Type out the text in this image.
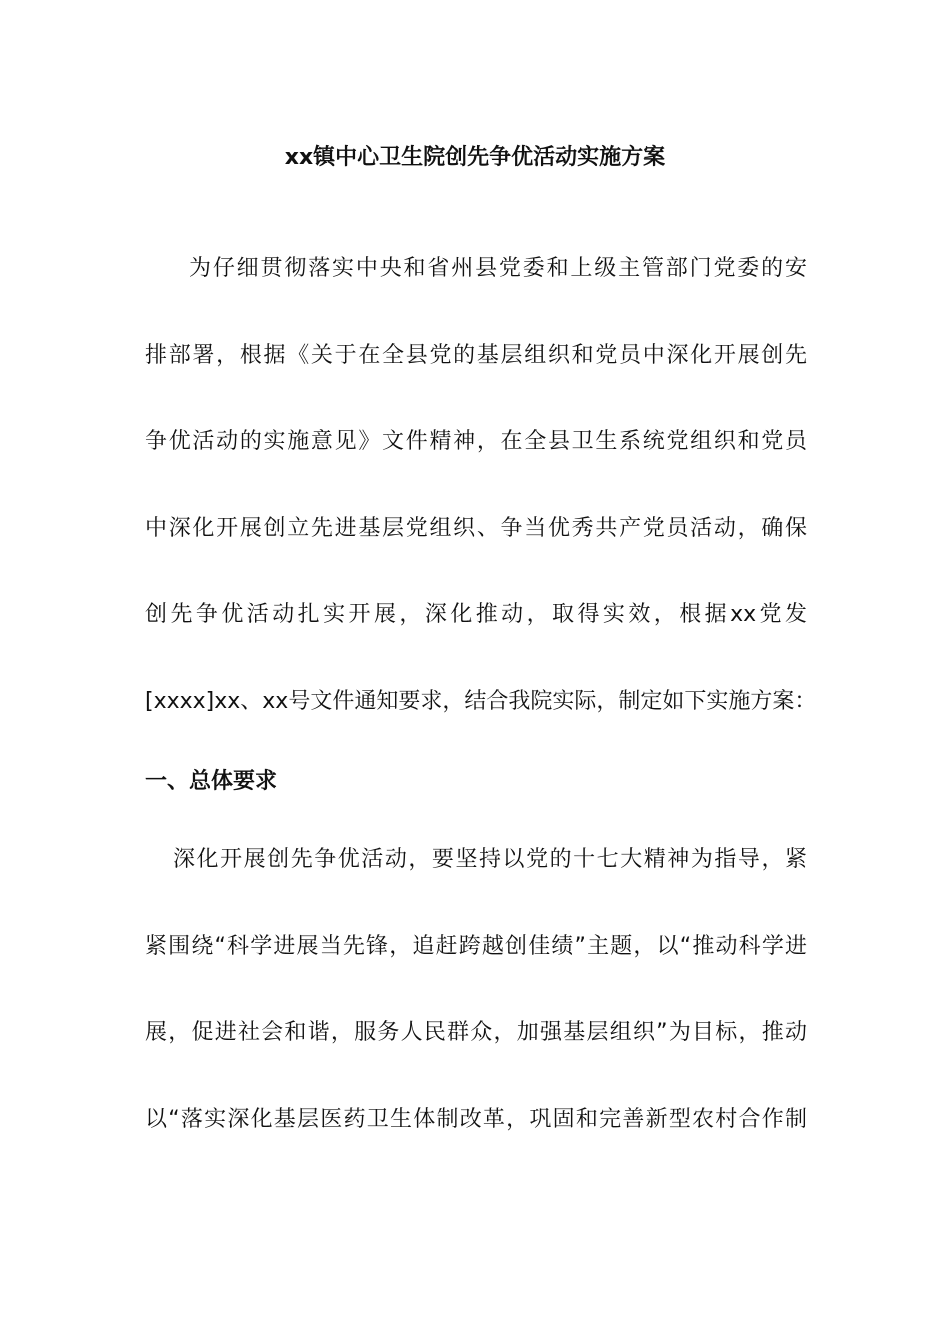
xx镇中心卫生院创先争优活动实施方案
为仔细贯彻落实中央和省州县党委和上级主管部门党委的安
排部署，根据《关于在全县党的基层组织和党员中深化开展创先
争优活动的实施意见》文件精神，在全县卫生系统党组织和党员
中深化开展创立先进基层党组织、争当优秀共产党员活动，确保
创先争优活动扎实开展，深化推动，取得实效，根据xx党发
[xxxx]xx、xx号文件通知要求，结合我院实际，制定如下实施方案：
一、总体要求
深化开展创先争优活动，要坚持以党的十七大精神为指导，紧
紧围绕“科学进展当先锋，追赶跨越创佳绩”主题，以“推动科学进
展，促进社会和谐，服务人民群众，加强基层组织”为目标，推动
以“落实深化基层医药卫生体制改革，巩固和完善新型农村合作制
